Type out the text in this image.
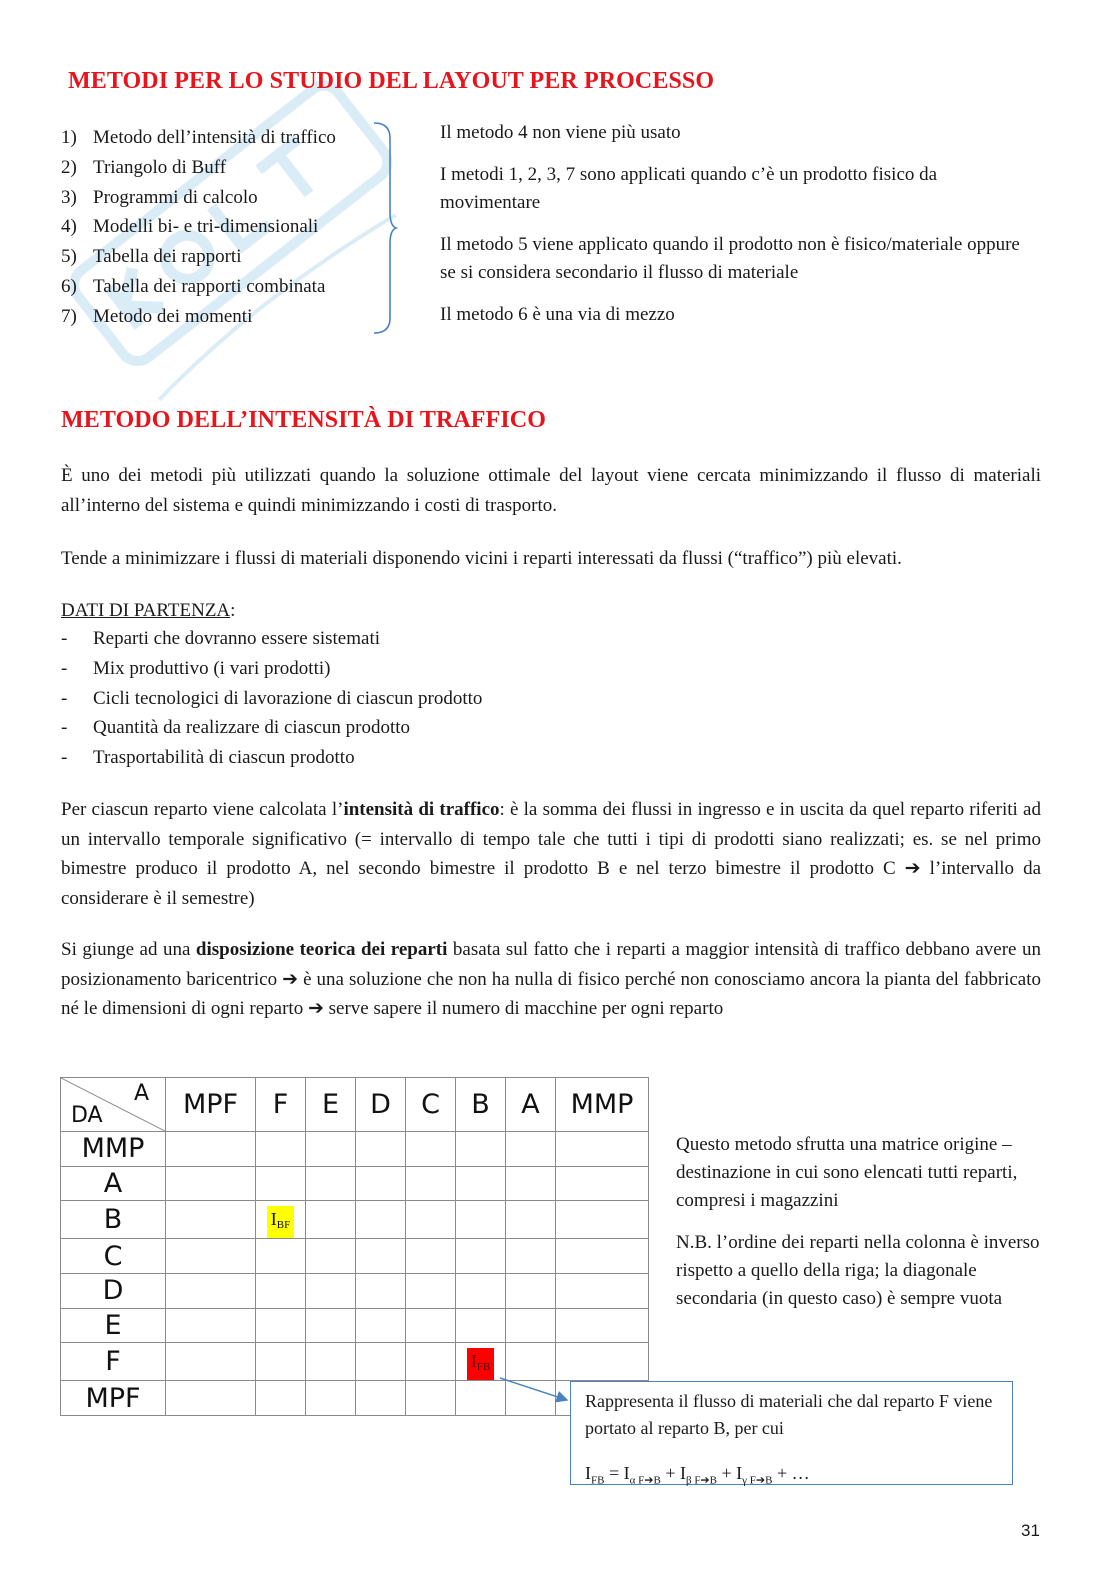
METODI PER LO STUDIO DEL LAYOUT PER PROCESSO
1) Metodo dell’intensità di traffico
2) Triangolo di Buff
3) Programmi di calcolo
4) Modelli bi- e tri-dimensionali
5) Tabella dei rapporti
6) Tabella dei rapporti combinata
7) Metodo dei momenti

Il metodo 4 non viene più usato

I metodi 1, 2, 3, 7 sono applicati quando c’è un prodotto fisico da movimentare

Il metodo 5 viene applicato quando il prodotto non è fisico/materiale oppure se si considera secondario il flusso di materiale

Il metodo 6 è una via di mezzo

METODO DELL’INTENSITÀ DI TRAFFICO

È uno dei metodi più utilizzati quando la soluzione ottimale del layout viene cercata minimizzando il flusso di materiali all’interno del sistema e quindi minimizzando i costi di trasporto.

Tende a minimizzare i flussi di materiali disponendo vicini i reparti interessati da flussi (“traffico”) più elevati.

DATI DI PARTENZA:
- Reparti che dovranno essere sistemati
- Mix produttivo (i vari prodotti)
- Cicli tecnologici di lavorazione di ciascun prodotto
- Quantità da realizzare di ciascun prodotto
- Trasportabilità di ciascun prodotto

Per ciascun reparto viene calcolata l’intensità di traffico: è la somma dei flussi in ingresso e in uscita da quel reparto riferiti ad un intervallo temporale significativo (= intervallo di tempo tale che tutti i tipi di prodotti siano realizzati; es. se nel primo bimestre produco il prodotto A, nel secondo bimestre il prodotto B e nel terzo bimestre il prodotto C ➔ l’intervallo da considerare è il semestre)

Si giunge ad una disposizione teorica dei reparti basata sul fatto che i reparti a maggior intensità di traffico debbano avere un posizionamento baricentrico ➔ è una soluzione che non ha nulla di fisico perché non conosciamo ancora la pianta del fabbricato né le dimensioni di ogni reparto ➔ serve sapere il numero di macchine per ogni reparto

A
DA	MPF	F	E	D	C	B	A	MMP
MMP								
A								
B		$I_{BF}$						
C								
D								
E								
F						$I_{FB}$		
MPF								

Questo metodo sfrutta una matrice origine – destinazione in cui sono elencati tutti reparti, compresi i magazzini

N.B. l’ordine dei reparti nella colonna è inverso rispetto a quello della riga; la diagonale secondaria (in questo caso) è sempre vuota

Rappresenta il flusso di materiali che dal reparto F viene portato al reparto B, per cui

$I_{FB} = I_{\alpha F➔B} + I_{\beta F➔B} + I_{\gamma F➔B}$ + …

31
